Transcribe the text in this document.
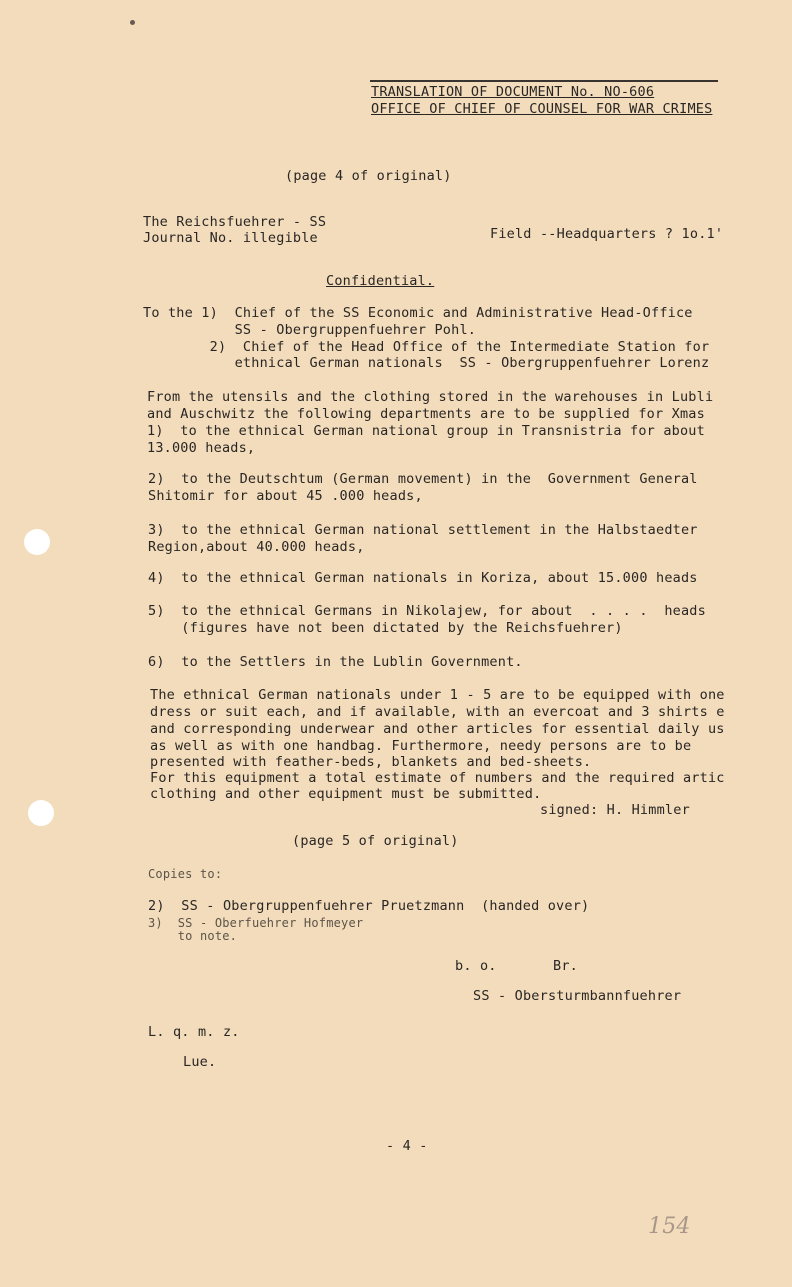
TRANSLATION OF DOCUMENT No. NO-606
OFFICE OF CHIEF OF COUNSEL FOR WAR CRIMES
(page 4 of original)
The Reichsfuehrer - SS
Journal No. illegible	Field --Headquarters ? 1o.1'
Confidential.
To the 1)  Chief of the SS Economic and Administrative Head-Office
SS - Obergruppenfuehrer Pohl.
2)  Chief of the Head Office of the Intermediate Station for
ethnical German nationals  SS - Obergruppenfuehrer Lorenz
From the utensils and the clothing stored in the warehouses in Lubli
and Auschwitz the following departments are to be supplied for Xmas
1)  to the ethnical German national group in Transnistria for about
13.000 heads,
2)  to the Deutschtum (German movement) in the  Government General
Shitomir for about 45 .000 heads,
3)  to the ethnical German national settlement in the Halbstaedter
Region,about 40.000 heads,
4)  to the ethnical German nationals in Koriza, about 15.000 heads
5)  to the ethnical Germans in Nikolajew, for about  . . . .  heads
(figures have not been dictated by the Reichsfuehrer)
6)  to the Settlers in the Lublin Government.
The ethnical German nationals under 1 - 5 are to be equipped with one
dress or suit each, and if available, with an evercoat and 3 shirts e
and corresponding underwear and other articles for essential daily us
as well as with one handbag. Furthermore, needy persons are to be
presented with feather-beds, blankets and bed-sheets.
For this equipment a total estimate of numbers and the required artic
clothing and other equipment must be submitted.
signed: H. Himmler
(page 5 of original)
Copies to:
2)  SS - Obergruppenfuehrer Pruetzmann  (handed over)
3)  SS - Oberfuehrer Hofmeyer
to note.
b. o.	Br.
SS - Obersturmbannfuehrer
L. q. m. z.
Lue.
- 4 -
154
